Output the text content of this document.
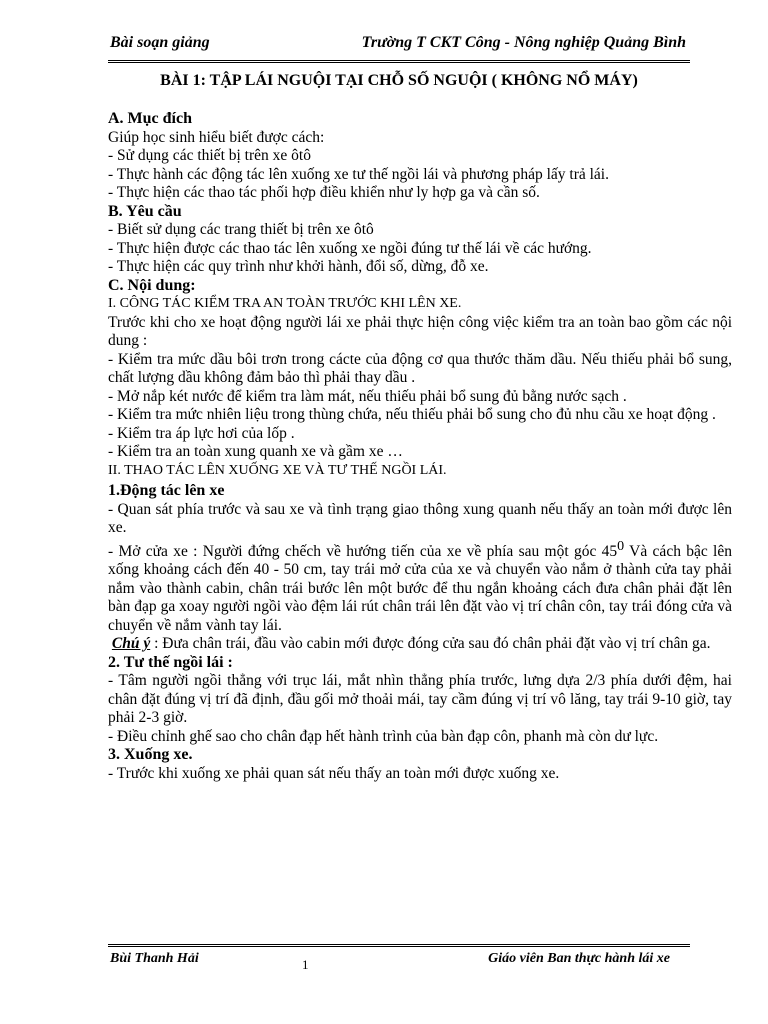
Bài soạn giảng	Trường T CKT Công - Nông nghiệp Quảng Bình
BÀI 1: TẬP LÁI NGUỘI TẠI CHỖ SỐ NGUỘI ( KHÔNG NỔ MÁY)

A. Mục đích

Giúp học sinh hiểu biết được cách:

- Sử dụng các thiết bị trên xe ôtô

- Thực hành các động tác lên xuống xe tư thế ngồi lái và phương pháp lấy trả lái.

- Thực hiện các thao tác phối hợp điều khiển như ly hợp ga và cần số.

B. Yêu cầu

- Biết sử dụng các trang thiết bị trên xe ôtô

- Thực hiện được các thao tác lên xuống xe ngồi đúng tư thế lái về các hướng.

- Thực hiện các quy trình như khởi hành, đổi số, dừng, đỗ xe.

C. Nội dung:

I. CÔNG TÁC KIỂM TRA AN TOÀN TRƯỚC KHI LÊN XE.

Trước khi cho xe hoạt động người lái xe phải thực hiện công việc kiểm tra an toàn bao gồm các nội dung :

- Kiểm tra mức dầu bôi trơn trong cácte của động cơ qua thước thăm dầu. Nếu thiếu phải bổ sung, chất lượng dầu không đảm bảo thì phải thay dầu .

- Mở nắp két nước để kiểm tra làm mát, nếu thiếu phải bổ sung đủ bằng nước sạch .

- Kiểm tra mức nhiên liệu trong thùng chứa, nếu thiếu phải bổ sung cho đủ nhu cầu xe hoạt động .

- Kiểm tra áp lực hơi của lốp .

- Kiểm tra an toàn xung quanh xe và gầm xe …

II. THAO TÁC LÊN XUỐNG XE VÀ TƯ THẾ NGỒI LÁI.

1.Động tác lên xe

- Quan sát phía trước và sau xe và tình trạng giao thông xung quanh nếu thấy an toàn mới được lên xe.

- Mở cửa xe : Người đứng chếch về hướng tiến của xe về phía sau một góc $45^0$ Và cách bậc lên xống khoảng cách đến 40 - 50 cm, tay trái mở cửa của xe và chuyển vào nắm ở thành cửa tay phải nắm vào thành cabin, chân trái bước lên một bước để thu ngắn khoảng cách đưa chân phải đặt lên bàn đạp ga xoay người ngồi vào đệm lái rút chân trái lên đặt vào vị trí chân côn, tay trái đóng cửa và chuyển về nắm vành tay lái.

Chú ý : Đưa chân trái, đầu vào cabin mới được đóng cửa sau đó chân phải đặt vào vị trí chân ga.

2. Tư thế ngồi lái :

- Tâm người ngồi thẳng với trục lái, mắt nhìn thẳng phía trước, lưng dựa 2/3 phía dưới đệm, hai chân đặt đúng vị trí đã định, đầu gối mở thoải mái, tay cầm đúng vị trí vô lăng, tay trái 9-10 giờ, tay phải 2-3 giờ.

- Điều chỉnh ghế sao cho chân đạp hết hành trình của bàn đạp côn, phanh mà còn dư lực.

3. Xuống xe.

- Trước khi xuống xe phải quan sát nếu thấy an toàn mới được xuống xe.

Bùi Thanh Hải	1	Giáo viên Ban thực hành lái xe
